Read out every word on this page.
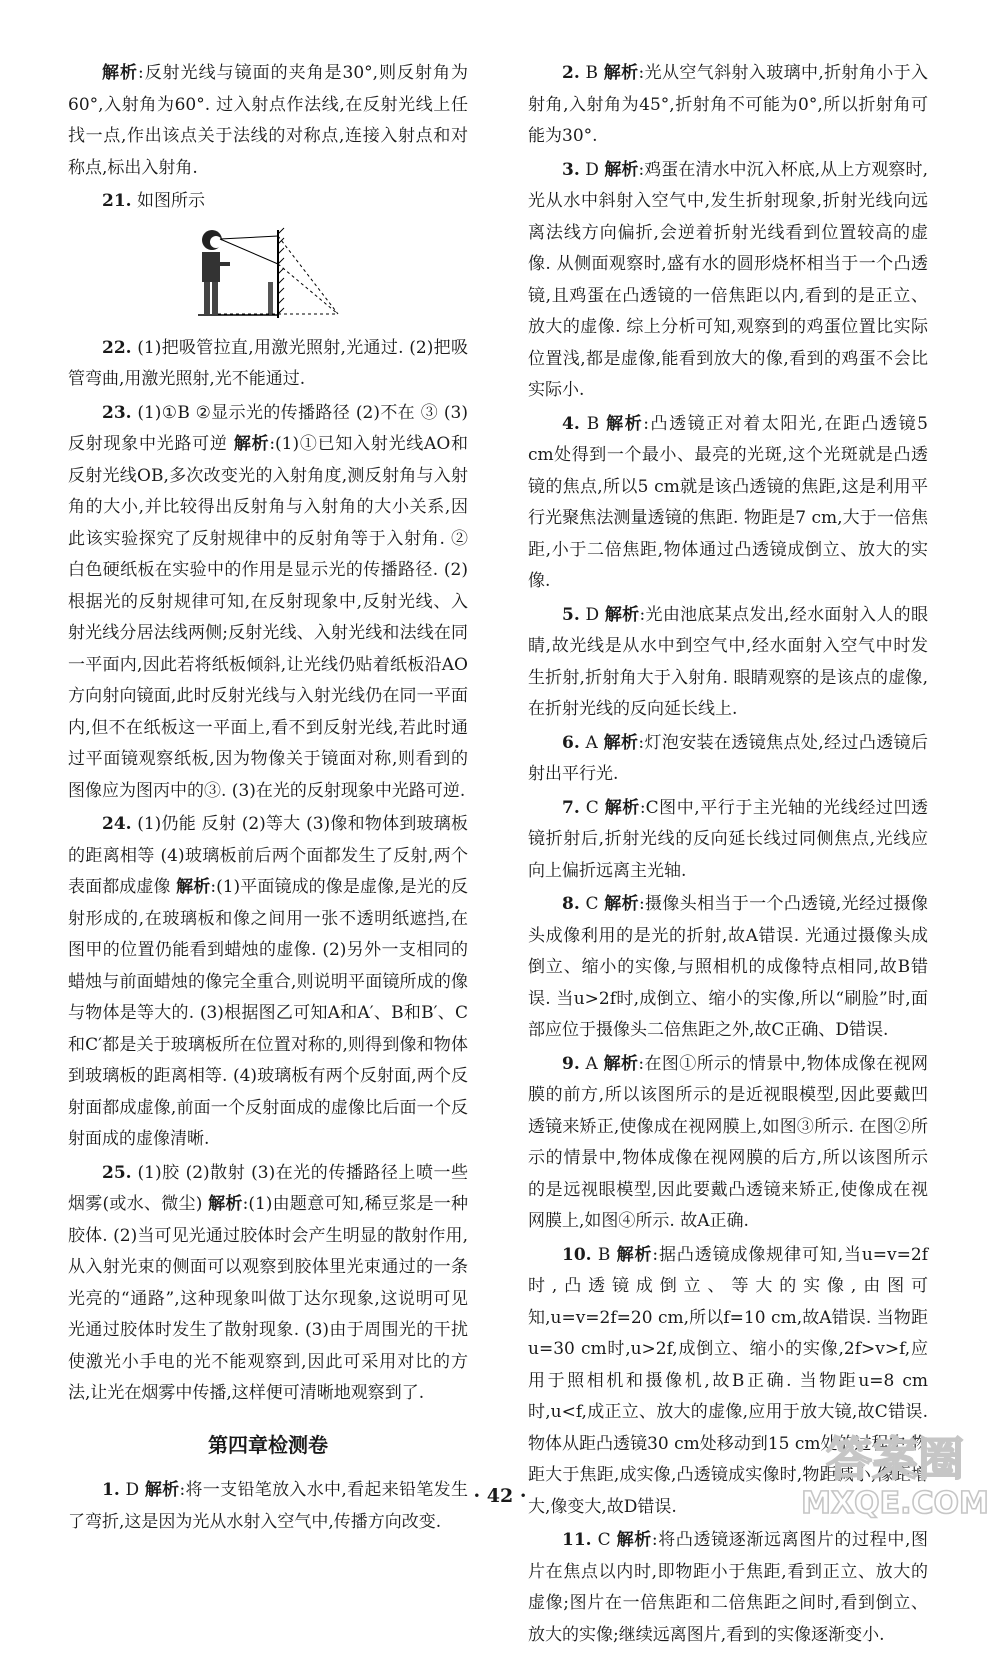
解析:反射光线与镜面的夹角是30°,则反射角为60°,入射角为60°. 过入射点作法线,在反射光线上任找一点,作出该点关于法线的对称点,连接入射点和对称点,标出入射角.

21. 如图所示

22. (1)把吸管拉直,用激光照射,光通过. (2)把吸管弯曲,用激光照射,光不能通过.

23. (1)①B ②显示光的传播路径 (2)不在 ③ (3)反射现象中光路可逆 解析:(1)①已知入射光线AO和反射光线OB,多次改变光的入射角度,测反射角与入射角的大小,并比较得出反射角与入射角的大小关系,因此该实验探究了反射规律中的反射角等于入射角. ②白色硬纸板在实验中的作用是显示光的传播路径. (2)根据光的反射规律可知,在反射现象中,反射光线、入射光线分居法线两侧;反射光线、入射光线和法线在同一平面内,因此若将纸板倾斜,让光线仍贴着纸板沿AO方向射向镜面,此时反射光线与入射光线仍在同一平面内,但不在纸板这一平面上,看不到反射光线,若此时通过平面镜观察纸板,因为物像关于镜面对称,则看到的图像应为图丙中的③. (3)在光的反射现象中光路可逆.

24. (1)仍能 反射 (2)等大 (3)像和物体到玻璃板的距离相等 (4)玻璃板前后两个面都发生了反射,两个表面都成虚像 解析:(1)平面镜成的像是虚像,是光的反射形成的,在玻璃板和像之间用一张不透明纸遮挡,在图甲的位置仍能看到蜡烛的虚像. (2)另外一支相同的蜡烛与前面蜡烛的像完全重合,则说明平面镜所成的像与物体是等大的. (3)根据图乙可知A和A′、B和B′、C和C′都是关于玻璃板所在位置对称的,则得到像和物体到玻璃板的距离相等. (4)玻璃板有两个反射面,两个反射面都成虚像,前面一个反射面成的虚像比后面一个反射面成的虚像清晰.

25. (1)胶 (2)散射 (3)在光的传播路径上喷一些烟雾(或水、微尘) 解析:(1)由题意可知,稀豆浆是一种胶体. (2)当可见光通过胶体时会产生明显的散射作用,从入射光束的侧面可以观察到胶体里光束通过的一条光亮的“通路”,这种现象叫做丁达尔现象,这说明可见光通过胶体时发生了散射现象. (3)由于周围光的干扰使激光小手电的光不能观察到,因此可采用对比的方法,让光在烟雾中传播,这样便可清晰地观察到了.

第四章检测卷

1. D 解析:将一支铅笔放入水中,看起来铅笔发生了弯折,这是因为光从水射入空气中,传播方向改变.

2. B 解析:光从空气斜射入玻璃中,折射角小于入射角,入射角为45°,折射角不可能为0°,所以折射角可能为30°.

3. D 解析:鸡蛋在清水中沉入杯底,从上方观察时,光从水中斜射入空气中,发生折射现象,折射光线向远离法线方向偏折,会逆着折射光线看到位置较高的虚像. 从侧面观察时,盛有水的圆形烧杯相当于一个凸透镜,且鸡蛋在凸透镜的一倍焦距以内,看到的是正立、放大的虚像. 综上分析可知,观察到的鸡蛋位置比实际位置浅,都是虚像,能看到放大的像,看到的鸡蛋不会比实际小.

4. B 解析:凸透镜正对着太阳光,在距凸透镜5 cm处得到一个最小、最亮的光斑,这个光斑就是凸透镜的焦点,所以5 cm就是该凸透镜的焦距,这是利用平行光聚焦法测量透镜的焦距. 物距是7 cm,大于一倍焦距,小于二倍焦距,物体通过凸透镜成倒立、放大的实像.

5. D 解析:光由池底某点发出,经水面射入人的眼睛,故光线是从水中到空气中,经水面射入空气中时发生折射,折射角大于入射角. 眼睛观察的是该点的虚像,在折射光线的反向延长线上.

6. A 解析:灯泡安装在透镜焦点处,经过凸透镜后射出平行光.

7. C 解析:C图中,平行于主光轴的光线经过凹透镜折射后,折射光线的反向延长线过同侧焦点,光线应向上偏折远离主光轴.

8. C 解析:摄像头相当于一个凸透镜,光经过摄像头成像利用的是光的折射,故A错误. 光通过摄像头成倒立、缩小的实像,与照相机的成像特点相同,故B错误. 当u>2f时,成倒立、缩小的实像,所以“刷脸”时,面部应位于摄像头二倍焦距之外,故C正确、D错误.

9. A 解析:在图①所示的情景中,物体成像在视网膜的前方,所以该图所示的是近视眼模型,因此要戴凹透镜来矫正,使像成在视网膜上,如图③所示. 在图②所示的情景中,物体成像在视网膜的后方,所以该图所示的是远视眼模型,因此要戴凸透镜来矫正,使像成在视网膜上,如图④所示. 故A正确.

10. B 解析:据凸透镜成像规律可知,当u=v=2f时,凸透镜成倒立、等大的实像,由图可知,u=v=2f=20 cm,所以f=10 cm,故A错误. 当物距u=30 cm时,u>2f,成倒立、缩小的实像,2f>v>f,应用于照相机和摄像机,故B正确. 当物距u=8 cm时,u<f,成正立、放大的虚像,应用于放大镜,故C错误. 物体从距凸透镜30 cm处移动到15 cm处的过程中,物距大于焦距,成实像,凸透镜成实像时,物距减小,像距增大,像变大,故D错误.

11. C 解析:将凸透镜逐渐远离图片的过程中,图片在焦点以内时,即物距小于焦距,看到正立、放大的虚像;图片在一倍焦距和二倍焦距之间时,看到倒立、放大的实像;继续远离图片,看到的实像逐渐变小.

· 42 ·
答案圈
MXQE.COM
